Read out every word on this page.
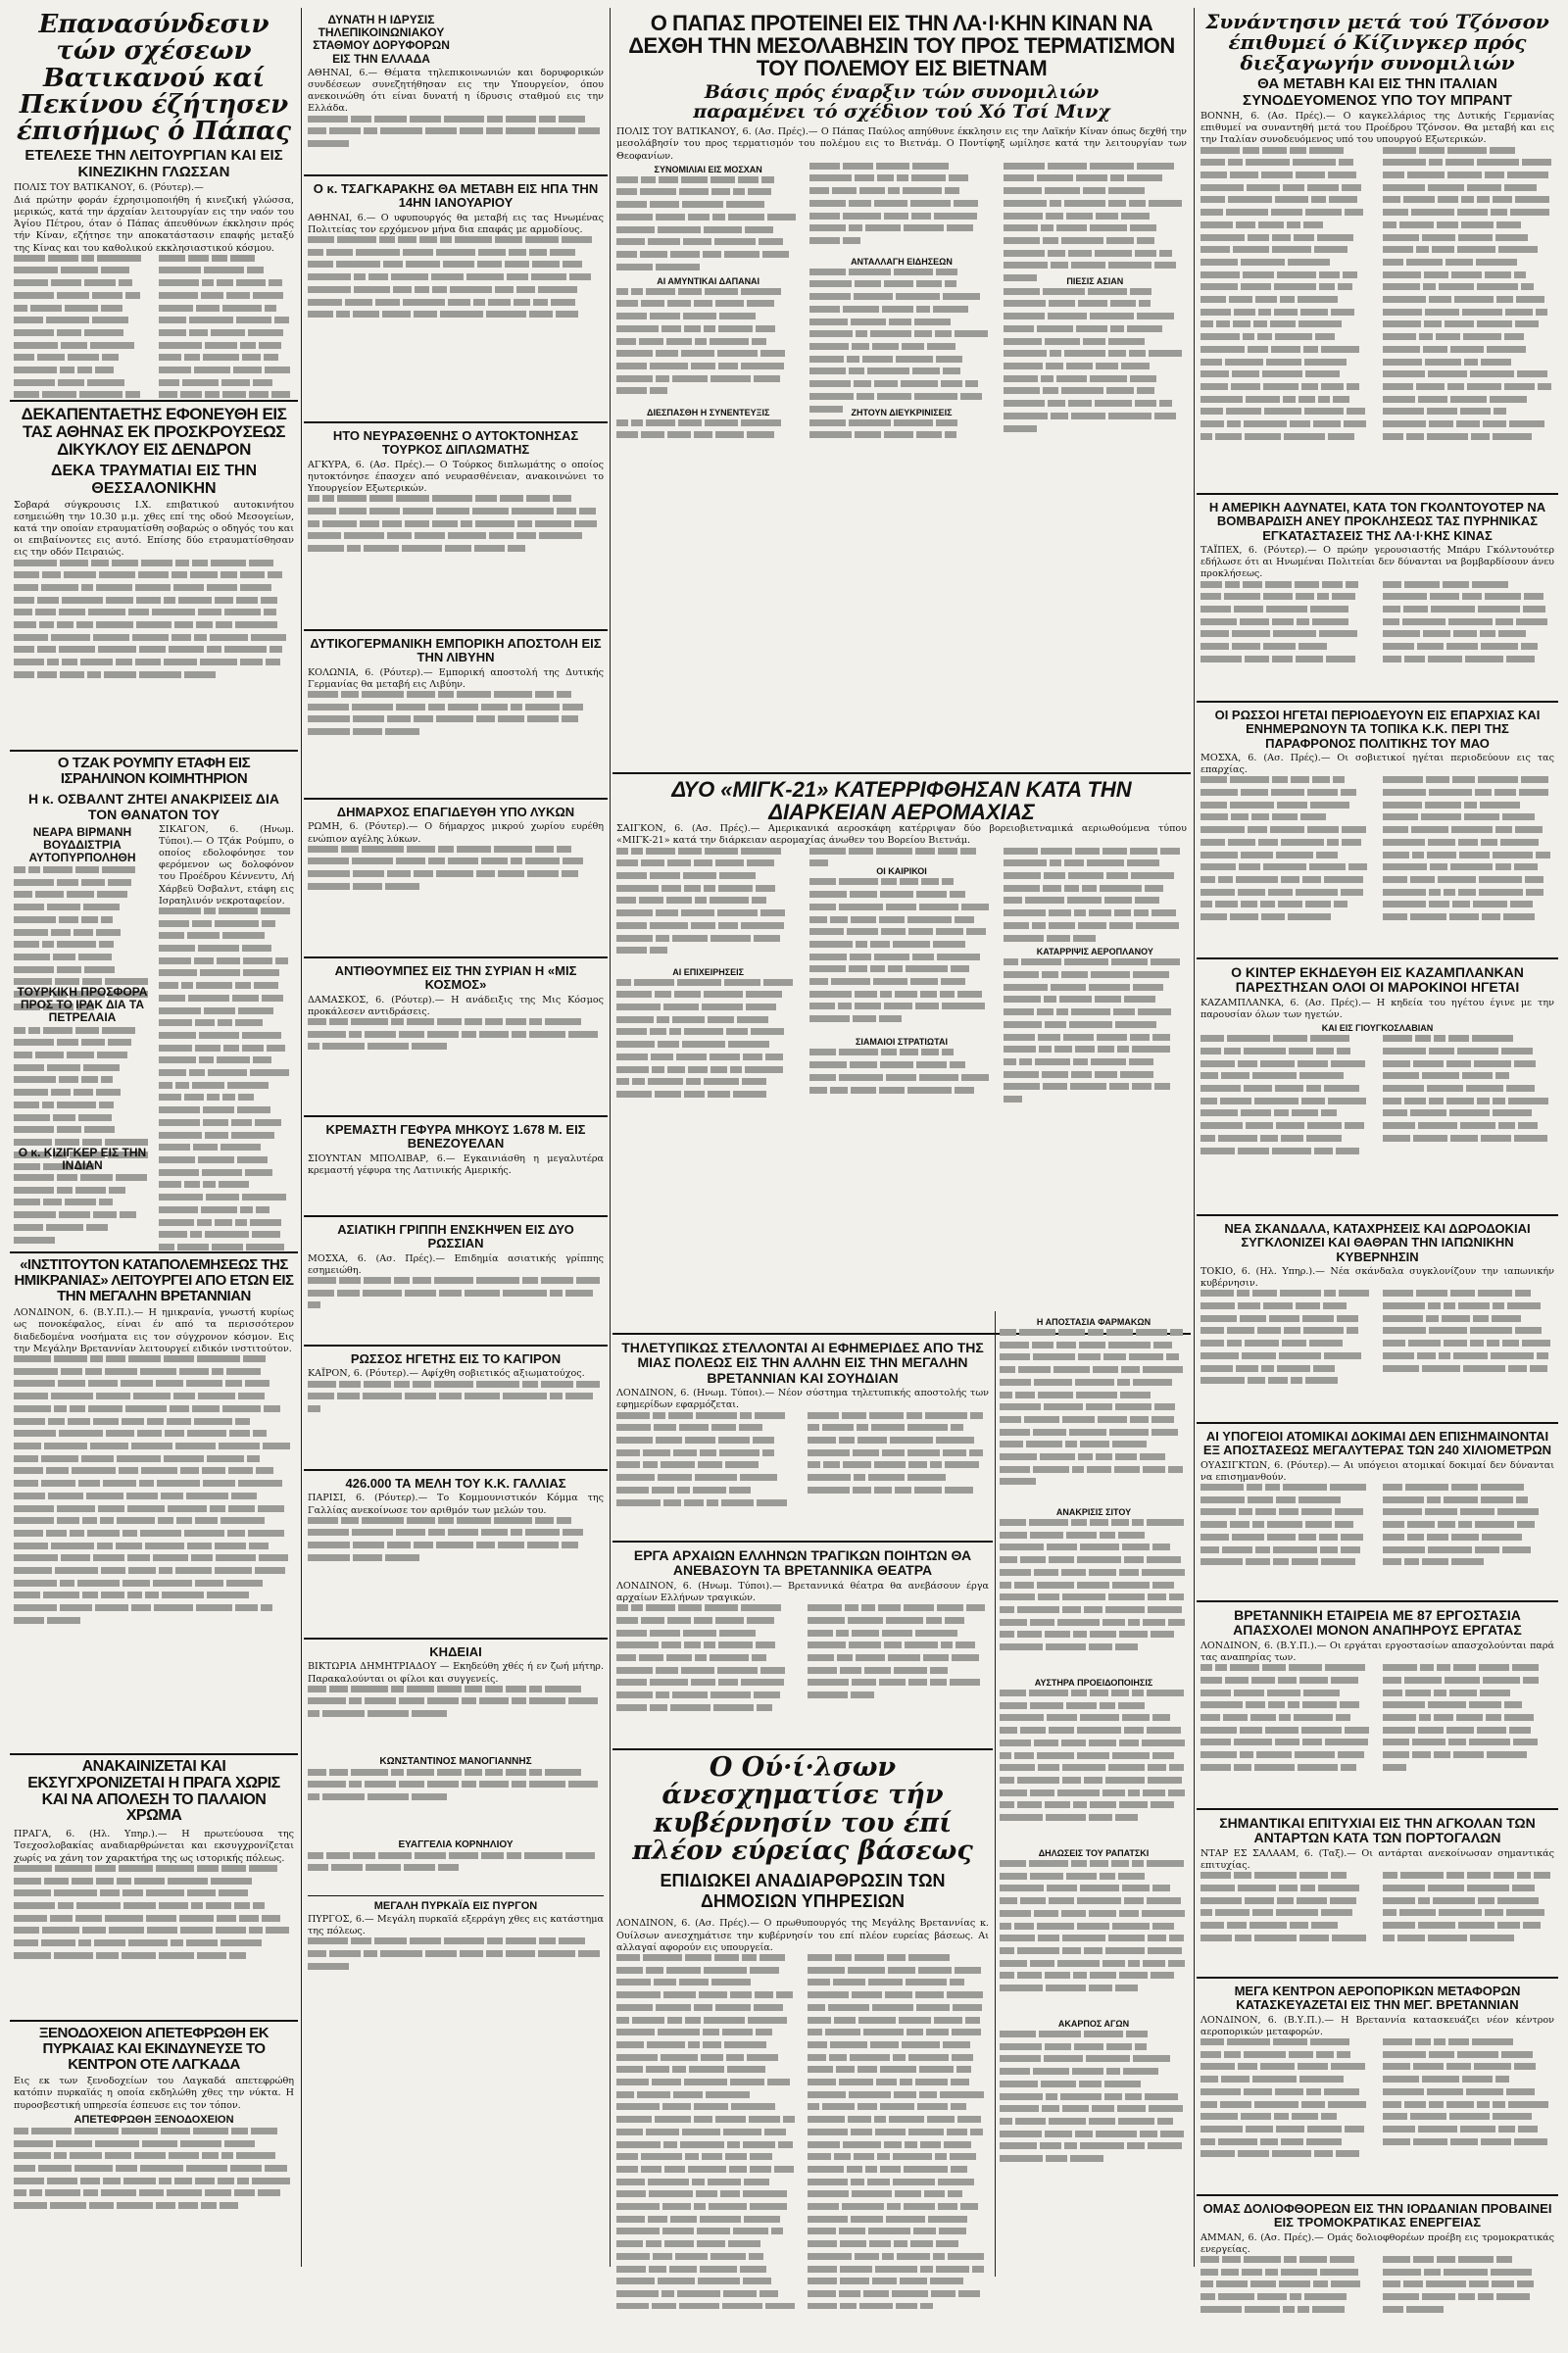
Επανασύνδεσιν τών σχέσεων Βατικανού καί Πεκίνου έζήτησεν έπισήμως ό Πάπας
ΕΤΕΛΕΣΕ ΤΗΝ ΛΕΙΤΟΥΡΓΙΑΝ ΚΑΙ ΕΙΣ ΚΙΝΕΖΙΚΗΝ ΓΛΩΣΣΑΝ

ΠΟΛΙΣ ΤΟΥ ΒΑΤΙΚΑΝΟΥ, 6. (Ρόυτερ).—

Διά πρώτην φοράν έχρησιμοποιήθη ή κινεζική γλώσσα, μερικώς, κατά την άρχαίαν λειτουργίαν εις την ναόν του Άγίου Πέτρου, όταν ό Πάπας άπευθύνων έκκλησιν πρός τήν Κίναν, εζήτησε την αποκατάστασιν επαφής μεταξύ της Κίνας και του καθολικού εκκλησιαστικού κόσμου.

ΔΕΚΑΠΕΝΤΑΕΤΗΣ ΕΦΟΝΕΥΘΗ ΕΙΣ ΤΑΣ ΑΘΗΝΑΣ ΕΚ ΠΡΟΣΚΡΟΥΣΕΩΣ ΔΙΚΥΚΛΟΥ ΕΙΣ ΔΕΝΔΡΟΝ
ΔΕΚΑ ΤΡΑΥΜΑΤΙΑΙ ΕΙΣ ΤΗΝ ΘΕΣΣΑΛΟΝΙΚΗΝ

Σοβαρά σύγκρουσις Ι.Χ. επιβατικού αυτοκινήτου εσημειώθη την 10.30 μ.μ. χθες επί της οδού Μεσογείων, κατά την οποίαν ετραυματίσθη σοβαρώς ο οδηγός του και οι επιβαίνοντες εις αυτό. Επίσης δύο ετραυματίσθησαν εις την οδόν Πειραιώς.

Ο ΤΖΑΚ ΡΟΥΜΠΥ ΕΤΑΦΗ ΕΙΣ ΙΣΡΑΗΛΙΝΟΝ ΚΟΙΜΗΤΗΡΙΟΝ
Η κ. ΟΣΒΑΛΝΤ ΖΗΤΕΙ ΑΝΑΚΡΙΣΕΙΣ ΔΙΑ ΤΟΝ ΘΑΝΑΤΟΝ ΤΟΥ
ΝΕΑΡΑ ΒΙΡΜΑΝΗ ΒΟΥΔΔΙΣΤΡΙΑ ΑΥΤΟΠΥΡΠΟΛΗΘΗ
ΤΟΥΡΚΙΚΗ ΠΡΟΣΦΟΡΑ ΠΡΟΣ ΤΟ ΙΡΑΚ ΔΙΑ ΤΑ ΠΕΤΡΕΛΑΙΑ
Ο κ. ΚΙΖΙΓΚΕΡ ΕΙΣ ΤΗΝ ΙΝΔΙΑΝ

ΣΙΚΑΓΟΝ, 6. (Ηνωμ. Τύποι).— Ο Τζάκ Ρούμπυ, ο οποίος εδολοφόνησε τον φερόμενον ως δολοφόνον του Προέδρου Κέννεντυ, Λή Χάρβεϋ Όσβαλντ, ετάφη εις Ισραηλινόν νεκροταφείον.

«ΙΝΣΤΙΤΟΥΤΟΝ ΚΑΤΑΠΟΛΕΜΗΣΕΩΣ ΤΗΣ ΗΜΙΚΡΑΝΙΑΣ» ΛΕΙΤΟΥΡΓΕΙ ΑΠΟ ΕΤΩΝ ΕΙΣ ΤΗΝ ΜΕΓΑΛΗΝ ΒΡΕΤΑΝΝΙΑΝ

ΛΟΝΔΙΝΟΝ, 6. (Β.Υ.Π.).— Η ημικρανία, γνωστή κυρίως ως πονοκέφαλος, είναι έν από τα περισσότερον διαδεδομένα νοσήματα εις τον σύγχρονον κόσμον. Εις την Μεγάλην Βρεταννίαν λειτουργεί ειδικόν ινστιτούτον.

ΑΝΑΚΑΙΝΙΖΕΤΑΙ ΚΑΙ ΕΚΣΥΓΧΡΟΝΙΖΕΤΑΙ Η ΠΡΑΓΑ ΧΩΡΙΣ ΚΑΙ ΝΑ ΑΠΟΛΕΣΗ ΤΟ ΠΑΛΑΙΟΝ ΧΡΩΜΑ

ΠΡΑΓΑ, 6. (Ηλ. Υπηρ.).— Η πρωτεύουσα της Τσεχοσλοβακίας αναδιαρθρώνεται και εκσυγχρονίζεται χωρίς να χάνη τον χαρακτήρα της ως ιστορικής πόλεως.

ΞΕΝΟΔΟΧΕΙΟΝ ΑΠΕΤΕΦΡΩΘΗ ΕΚ ΠΥΡΚΑΙΑΣ ΚΑΙ ΕΚΙΝΔΥΝΕΥΣΕ ΤΟ ΚΕΝΤΡΟΝ ΟΤΕ ΛΑΓΚΑΔΑ

Εις εκ των ξενοδοχείων του Λαγκαδά απετεφρώθη κατόπιν πυρκαϊάς η οποία εκδηλώθη χθες την νύκτα. Η πυροσβεστική υπηρεσία έσπευσε εις τον τόπον.

ΑΠΕΤΕΦΡΩΘΗ ΞΕΝΟΔΟΧΕΙΟΝ
ΔΥΝΑΤΗ Η ΙΔΡΥΣΙΣ ΤΗΛΕΠΙΚΟΙΝΩΝΙΑΚΟΥ ΣΤΑΘΜΟΥ ΔΟΡΥΦΟΡΩΝ ΕΙΣ ΤΗΝ ΕΛΛΑΔΑ

ΑΘΗΝΑΙ, 6.— Θέματα τηλεπικοινωνιών και δορυφορικών συνδέσεων συνεζητήθησαν εις την Υπουργείον, όπου ανεκοινώθη ότι είναι δυνατή η ίδρυσις σταθμού εις την Ελλάδα.

Ο κ. ΤΣΑΓΚΑΡΑΚΗΣ ΘΑ ΜΕΤΑΒΗ ΕΙΣ ΗΠΑ ΤΗΝ 14ΗΝ ΙΑΝΟΥΑΡΙΟΥ

ΑΘΗΝΑΙ, 6.— Ο υφυπουργός θα μεταβή εις τας Ηνωμένας Πολιτείας τον ερχόμενον μήνα δια επαφάς με αρμοδίους.

ΗΤΟ ΝΕΥΡΑΣΘΕΝΗΣ Ο ΑΥΤΟΚΤΟΝΗΣΑΣ ΤΟΥΡΚΟΣ ΔΙΠΛΩΜΑΤΗΣ

ΑΓΚΥΡΑ, 6. (Ασ. Πρές).— Ο Τούρκος διπλωμάτης ο οποίος ηυτοκτόνησε έπασχεν από νευρασθένειαν, ανακοινώνει το Υπουργείον Εξωτερικών.

ΔΥΤΙΚΟΓΕΡΜΑΝΙΚΗ ΕΜΠΟΡΙΚΗ ΑΠΟΣΤΟΛΗ ΕΙΣ ΤΗΝ ΛΙΒΥΗΝ

ΚΟΛΩΝΙΑ, 6. (Ρόυτερ).— Εμπορική αποστολή της Δυτικής Γερμανίας θα μεταβή εις Λιβύην.

ΔΗΜΑΡΧΟΣ ΕΠΑΓΙΔΕΥΘΗ ΥΠΟ ΛΥΚΩΝ

ΡΩΜΗ, 6. (Ρόυτερ).— Ο δήμαρχος μικρού χωρίου ευρέθη ενώπιον αγέλης λύκων.

ΑΝΤΙΘΟΥΜΠΕΣ ΕΙΣ ΤΗΝ ΣΥΡΙΑΝ Η «ΜΙΣ ΚΟΣΜΟΣ»

ΔΑΜΑΣΚΟΣ, 6. (Ρόυτερ).— Η ανάδειξις της Μις Κόσμος προκάλεσεν αντιδράσεις.

ΚΡΕΜΑΣΤΗ ΓΕΦΥΡΑ ΜΗΚΟΥΣ 1.678 Μ. ΕΙΣ ΒΕΝΕΖΟΥΕΛΑΝ

ΣΙΟΥΝΤΑΝ ΜΠΟΛΙΒΑΡ, 6.— Εγκαινιάσθη η μεγαλυτέρα κρεμαστή γέφυρα της Λατινικής Αμερικής.

ΑΣΙΑΤΙΚΗ ΓΡΙΠΠΗ ΕΝΣΚΗΨΕΝ ΕΙΣ ΔΥΟ ΡΩΣΣΙΑΝ

ΜΟΣΧΑ, 6. (Ασ. Πρές).— Επιδημία ασιατικής γρίππης εσημειώθη.

ΡΩΣΣΟΣ ΗΓΕΤΗΣ ΕΙΣ ΤΟ ΚΑΓΙΡΟΝ

ΚΑΪΡΟΝ, 6. (Ρόυτερ).— Αφίχθη σοβιετικός αξιωματούχος.

426.000 ΤΑ ΜΕΛΗ ΤΟΥ Κ.Κ. ΓΑΛΛΙΑΣ

ΠΑΡΙΣΙ, 6. (Ρόυτερ).— Το Κομμουνιστικόν Κόμμα της Γαλλίας ανεκοίνωσε τον αριθμόν των μελών του.

ΚΗΔΕΙΑΙ

ΒΙΚΤΩΡΙΑ ΔΗΜΗΤΡΙΑΔΟΥ — Εκηδεύθη χθές ή εν ζωή μήτηρ. Παρακαλούνται οι φίλοι και συγγενείς.

ΚΩΝΣΤΑΝΤΙΝΟΣ ΜΑΝΟΓΙΑΝΝΗΣ
ΕΥΑΓΓΕΛΙΑ ΚΟΡΝΗΛΙΟΥ
ΜΕΓΑΛΗ ΠΥΡΚΑΪΑ ΕΙΣ ΠΥΡΓΟΝ

ΠΥΡΓΟΣ, 6.— Μεγάλη πυρκαϊά εξερράγη χθες εις κατάστημα της πόλεως.

Ο ΠΑΠΑΣ ΠΡΟΤΕΙΝΕΙ ΕΙΣ ΤΗΝ ΛΑ·Ι·ΚΗΝ ΚΙΝΑΝ ΝΑ ΔΕΧΘΗ ΤΗΝ ΜΕΣΟΛΑΒΗΣΙΝ ΤΟΥ ΠΡΟΣ ΤΕΡΜΑΤΙΣΜΟΝ ΤΟΥ ΠΟΛΕΜΟΥ ΕΙΣ ΒΙΕΤΝΑΜ
Βάσις πρός έναρξιν τών συνομιλιών παραμένει τό σχέδιον τού Χό Τσί Μινχ

ΠΟΛΙΣ ΤΟΥ ΒΑΤΙΚΑΝΟΥ, 6. (Ασ. Πρές).— Ο Πάπας Παύλος απηύθυνε έκκλησιν εις την Λαϊκήν Κίναν όπως δεχθή την μεσολάβησίν του προς τερματισμόν του πολέμου εις το Βιετνάμ. Ο Ποντίφηξ ωμίλησε κατά την λειτουργίαν των Θεοφανίων.

ΣΥΝΟΜΙΛΙΑΙ ΕΙΣ ΜΟΣΧΑΝ
ΑΙ ΑΜΥΝΤΙΚΑΙ ΔΑΠΑΝΑΙ
ΔΙΕΣΠΑΣΘΗ Η ΣΥΝΕΝΤΕΥΞΙΣ
ΑΝΤΑΛΛΑΓΗ ΕΙΔΗΣΕΩΝ
ΖΗΤΟΥΝ ΔΙΕΥΚΡΙΝΙΣΕΙΣ
ΠΙΕΣΙΣ ΑΣΙΑΝ
ΔΥΟ «ΜΙΓΚ-21» ΚΑΤΕΡΡΙΦΘΗΣΑΝ ΚΑΤΑ ΤΗΝ ΔΙΑΡΚΕΙΑΝ ΑΕΡΟΜΑΧΙΑΣ

ΣΑΙΓΚΟΝ, 6. (Ασ. Πρές).— Αμερικανικά αεροσκάφη κατέρριψαν δύο βορειοβιετναμικά αεριωθούμενα τύπου «ΜΙΓΚ-21» κατά την διάρκειαν αερομαχίας άνωθεν του Βορείου Βιετνάμ.

ΑΙ ΕΠΙΧΕΙΡΗΣΕΙΣ
ΟΙ ΚΑΙΡΙΚΟΙ
ΣΙΑΜΑΙΟΙ ΣΤΡΑΤΙΩΤΑΙ
ΚΑΤΑΡΡΙΨΙΣ ΑΕΡΟΠΛΑΝΟΥ
ΤΗΛΕΤΥΠΙΚΩΣ ΣΤΕΛΛΟΝΤΑΙ ΑΙ ΕΦΗΜΕΡΙΔΕΣ ΑΠΟ ΤΗΣ ΜΙΑΣ ΠΟΛΕΩΣ ΕΙΣ ΤΗΝ ΑΛΛΗΝ ΕΙΣ ΤΗΝ ΜΕΓΑΛΗΝ ΒΡΕΤΑΝΝΙΑΝ ΚΑΙ ΣΟΥΗΔΙΑΝ

ΛΟΝΔΙΝΟΝ, 6. (Ηνωμ. Τύποι).— Νέον σύστημα τηλετυπικής αποστολής των εφημερίδων εφαρμόζεται.

ΕΡΓΑ ΑΡΧΑΙΩΝ ΕΛΛΗΝΩΝ ΤΡΑΓΙΚΩΝ ΠΟΙΗΤΩΝ ΘΑ ΑΝΕΒΑΣΟΥΝ ΤΑ ΒΡΕΤΑΝΝΙΚΑ ΘΕΑΤΡΑ

ΛΟΝΔΙΝΟΝ, 6. (Ηνωμ. Τύποι).— Βρεταννικά θέατρα θα ανεβάσουν έργα αρχαίων Ελλήνων τραγικών.

Η ΑΠΟΣΤΑΣΙΑ ΦΑΡΜΑΚΩΝ
ΑΝΑΚΡΙΣΙΣ ΣΙΤΟΥ
ΑΥΣΤΗΡΑ ΠΡΟΕΙΔΟΠΟΙΗΣΙΣ
ΔΗΛΩΣΕΙΣ ΤΟΥ ΡΑΠΑΤΣΚΙ
ΑΚΑΡΠΟΣ ΑΓΩΝ
Ο Ού·ί·λσων άνεσχηματίσε τήν κυβέρνησίν του έπί πλέον εύρείας βάσεως
ΕΠΙΔΙΩΚΕΙ ΑΝΑΔΙΑΡΘΡΩΣΙΝ ΤΩΝ ΔΗΜΟΣΙΩΝ ΥΠΗΡΕΣΙΩΝ

ΛΟΝΔΙΝΟΝ, 6. (Ασ. Πρές).— Ο πρωθυπουργός της Μεγάλης Βρεταννίας κ. Ουίλσων ανεσχημάτισε την κυβέρνησίν του επί πλέον ευρείας βάσεως. Αι αλλαγαί αφορούν εις υπουργεία.

Συνάντησιν μετά τού Τζόνσον έπιθυμεί ό Κίζινγκερ πρός διεξαγωγήν συνομιλιών
ΘΑ ΜΕΤΑΒΗ ΚΑΙ ΕΙΣ ΤΗΝ ΙΤΑΛΙΑΝ ΣΥΝΟΔΕΥΟΜΕΝΟΣ ΥΠΟ ΤΟΥ ΜΠΡΑΝΤ

ΒΟΝΝΗ, 6. (Ασ. Πρές).— Ο καγκελλάριος της Δυτικής Γερμανίας επιθυμεί να συναντηθή μετά του Προέδρου Τζόνσον. Θα μεταβή και εις την Ιταλίαν συνοδευόμενος υπό του υπουργού Εξωτερικών.

Η ΑΜΕΡΙΚΗ ΑΔΥΝΑΤΕΙ, ΚΑΤΑ ΤΟΝ ΓΚΟΛΝΤΟΥΟΤΕΡ ΝΑ ΒΟΜΒΑΡΔΙΣΗ ΑΝΕΥ ΠΡΟΚΛΗΣΕΩΣ ΤΑΣ ΠΥΡΗΝΙΚΑΣ ΕΓΚΑΤΑΣΤΑΣΕΙΣ ΤΗΣ ΛΑ·Ι·ΚΗΣ ΚΙΝΑΣ

ΤΑΪΠΕΧ, 6. (Ρόυτερ).— Ο πρώην γερουσιαστής Μπάρυ Γκόλντουότερ εδήλωσε ότι αι Ηνωμέναι Πολιτείαι δεν δύνανται να βομβαρδίσουν άνευ προκλήσεως.

ΟΙ ΡΩΣΣΟΙ ΗΓΕΤΑΙ ΠΕΡΙΟΔΕΥΟΥΝ ΕΙΣ ΕΠΑΡΧΙΑΣ ΚΑΙ ΕΝΗΜΕΡΩΝΟΥΝ ΤΑ ΤΟΠΙΚΑ Κ.Κ. ΠΕΡΙ ΤΗΣ ΠΑΡΑΦΡΟΝΟΣ ΠΟΛΙΤΙΚΗΣ ΤΟΥ ΜΑΟ

ΜΟΣΧΑ, 6. (Ασ. Πρές).— Οι σοβιετικοί ηγέται περιοδεύουν εις τας επαρχίας.

Ο ΚΙΝΤΕΡ ΕΚΗΔΕΥΘΗ ΕΙΣ ΚΑΖΑΜΠΛΑΝΚΑΝ ΠΑΡΕΣΤΗΣΑΝ ΟΛΟΙ ΟΙ ΜΑΡΟΚΙΝΟΙ ΗΓΕΤΑΙ

ΚΑΖΑΜΠΛΑΝΚΑ, 6. (Ασ. Πρές).— Η κηδεία του ηγέτου έγινε με την παρουσίαν όλων των ηγετών.

ΚΑΙ ΕΙΣ ΓΙΟΥΓΚΟΣΛΑΒΙΑΝ
ΝΕΑ ΣΚΑΝΔΑΛΑ, ΚΑΤΑΧΡΗΣΕΙΣ ΚΑΙ ΔΩΡΟΔΟΚΙΑΙ ΣΥΓΚΛΟΝΙΖΕΙ ΚΑΙ ΘΑΘΡΑΝ ΤΗΝ ΙΑΠΩΝΙΚΗΝ ΚΥΒΕΡΝΗΣΙΝ

ΤΟΚΙΟ, 6. (Ηλ. Υπηρ.).— Νέα σκάνδαλα συγκλονίζουν την ιαπωνικήν κυβέρνησιν.

ΑΙ ΥΠΟΓΕΙΟΙ ΑΤΟΜΙΚΑΙ ΔΟΚΙΜΑΙ ΔΕΝ ΕΠΙΣΗΜΑΙΝΟΝΤΑΙ ΕΞ ΑΠΟΣΤΑΣΕΩΣ ΜΕΓΑΛΥΤΕΡΑΣ ΤΩΝ 240 ΧΙΛΙΟΜΕΤΡΩΝ

ΟΥΑΣΙΓΚΤΩΝ, 6. (Ρόυτερ).— Αι υπόγειοι ατομικαί δοκιμαί δεν δύνανται να επισημανθούν.

ΒΡΕΤΑΝΝΙΚΗ ΕΤΑΙΡΕΙΑ ΜΕ 87 ΕΡΓΟΣΤΑΣΙΑ ΑΠΑΣΧΟΛΕΙ ΜΟΝΟΝ ΑΝΑΠΗΡΟΥΣ ΕΡΓΑΤΑΣ

ΛΟΝΔΙΝΟΝ, 6. (Β.Υ.Π.).— Οι εργάται εργοστασίων απασχολούνται παρά τας αναπηρίας των.

ΣΗΜΑΝΤΙΚΑΙ ΕΠΙΤΥΧΙΑΙ ΕΙΣ ΤΗΝ ΑΓΚΟΛΑΝ ΤΩΝ ΑΝΤΑΡΤΩΝ ΚΑΤΑ ΤΩΝ ΠΟΡΤΟΓΑΛΩΝ

ΝΤΑΡ ΕΣ ΣΑΛΑΑΜ, 6. (Ταξ).— Οι αντάρται ανεκοίνωσαν σημαντικάς επιτυχίας.

ΜΕΓΑ ΚΕΝΤΡΟΝ ΑΕΡΟΠΟΡΙΚΩΝ ΜΕΤΑΦΟΡΩΝ ΚΑΤΑΣΚΕΥΑΖΕΤΑΙ ΕΙΣ ΤΗΝ ΜΕΓ. ΒΡΕΤΑΝΝΙΑΝ

ΛΟΝΔΙΝΟΝ, 6. (Β.Υ.Π.).— Η Βρεταννία κατασκευάζει νέον κέντρον αεροπορικών μεταφορών.

ΟΜΑΣ ΔΟΛΙΟΦΘΟΡΕΩΝ ΕΙΣ ΤΗΝ ΙΟΡΔΑΝΙΑΝ ΠΡΟΒΑΙΝΕΙ ΕΙΣ ΤΡΟΜΟΚΡΑΤΙΚΑΣ ΕΝΕΡΓΕΙΑΣ

ΑΜΜΑΝ, 6. (Ασ. Πρές).— Ομάς δολιοφθορέων προέβη εις τρομοκρατικάς ενεργείας.
